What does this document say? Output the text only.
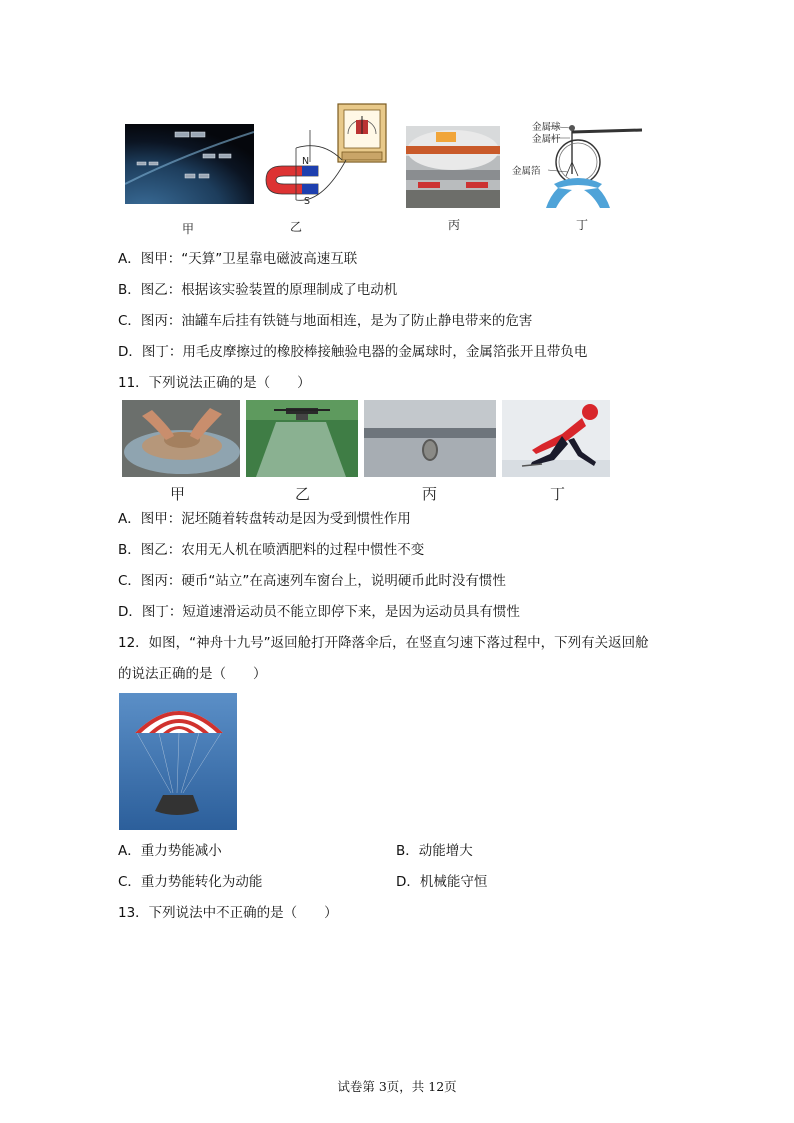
N
S
金属球
金属杆
金属箔
甲	乙	丙	丁
A．图甲：“天算”卫星靠电磁波高速互联
B．图乙：根据该实验装置的原理制成了电动机
C．图丙：油罐车后挂有铁链与地面相连，是为了防止静电带来的危害
D．图丁：用毛皮摩擦过的橡胶棒接触验电器的金属球时，金属箔张开且带负电
11．下列说法正确的是（　　）
甲	乙	丙	丁
A．图甲：泥坯随着转盘转动是因为受到惯性作用
B．图乙：农用无人机在喷洒肥料的过程中惯性不变
C．图丙：硬币“站立”在高速列车窗台上，说明硬币此时没有惯性
D．图丁：短道速滑运动员不能立即停下来，是因为运动员具有惯性
12．如图，“神舟十九号”返回舱打开降落伞后，在竖直匀速下落过程中，下列有关返回舱
的说法正确的是（　　）
A．重力势能减小	B．动能增大
C．重力势能转化为动能	D．机械能守恒
13．下列说法中不正确的是（　　）
试卷第 3页，共 12页
